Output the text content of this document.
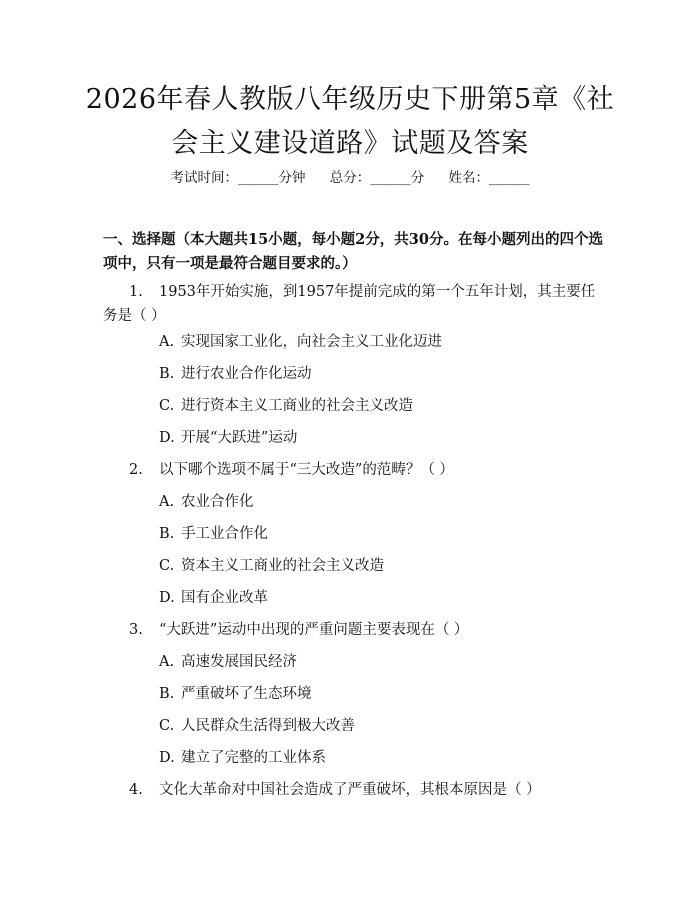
2026年春人教版八年级历史下册第5章《社
会主义建设道路》试题及答案
考试时间：______分钟 总分：______分 姓名：______
一、选择题（本大题共15小题，每小题2分，共30分。在每小题列出的四个选项中，只有一项是最符合题目要求的。）
1. 1953年开始实施，到1957年提前完成的第一个五年计划，其主要任务是（ ）
A. 实现国家工业化，向社会主义工业化迈进
B. 进行农业合作化运动
C. 进行资本主义工商业的社会主义改造
D. 开展“大跃进”运动
2. 以下哪个选项不属于“三大改造”的范畴？（ ）
A. 农业合作化
B. 手工业合作化
C. 资本主义工商业的社会主义改造
D. 国有企业改革
3. “大跃进”运动中出现的严重问题主要表现在（ ）
A. 高速发展国民经济
B. 严重破坏了生态环境
C. 人民群众生活得到极大改善
D. 建立了完整的工业体系
4. 文化大革命对中国社会造成了严重破坏，其根本原因是（ ）
